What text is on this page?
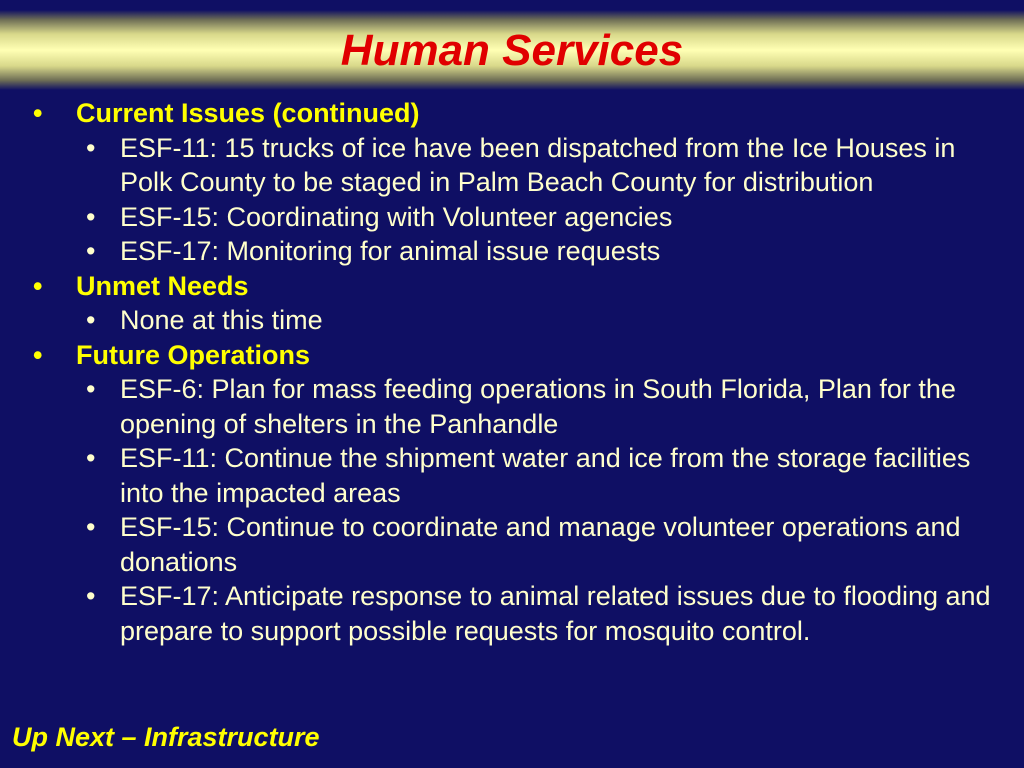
Human Services
• Current Issues (continued)
• ESF-11: 15 trucks of ice have been dispatched from the Ice Houses in Polk County to be staged in Palm Beach County for distribution
• ESF-15: Coordinating with Volunteer agencies
• ESF-17: Monitoring for animal issue requests
• Unmet Needs
• None at this time
• Future Operations
• ESF-6: Plan for mass feeding operations in South Florida, Plan for the opening of shelters in the Panhandle
• ESF-11: Continue the shipment water and ice from the storage facilities into the impacted areas
• ESF-15: Continue to coordinate and manage volunteer operations and donations
• ESF-17: Anticipate response to animal related issues due to flooding and prepare to support possible requests for mosquito control.
Up Next – Infrastructure
